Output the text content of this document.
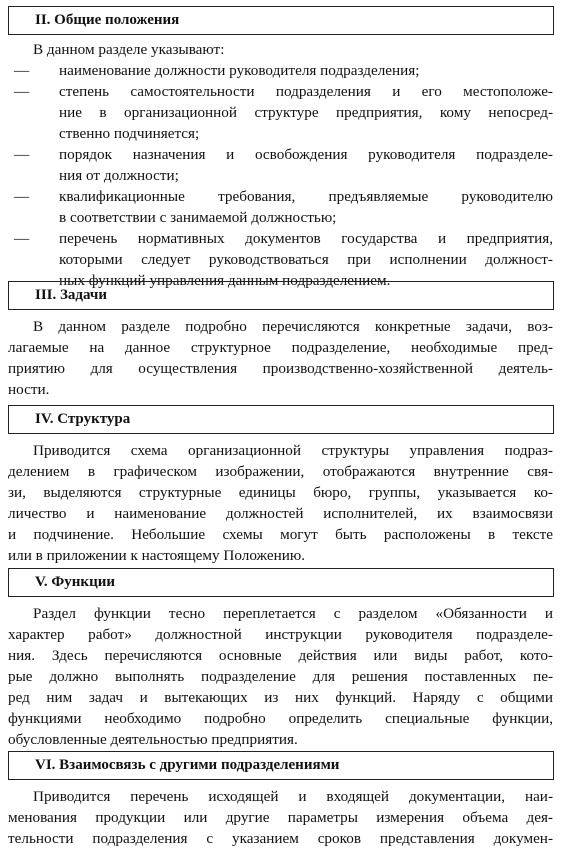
II. Общие положения
В данном разделе указывают:
— наименование должности руководителя подразделения;
— степень самостоятельности подразделения и его местоположе-
ние в организационной структуре предприятия, кому непосред-
ственно подчиняется;
— порядок назначения и освобождения руководителя подразделе-
ния от должности;
— квалификационные требования, предъявляемые руководителю
в соответствии с занимаемой должностью;
— перечень нормативных документов государства и предприятия,
которыми следует руководствоваться при исполнении должност-
ных функций управления данным подразделением.
III. Задачи
В данном разделе подробно перечисляются конкретные задачи, воз-
лагаемые на данное структурное подразделение, необходимые пред-
приятию для осуществления производственно-хозяйственной деятель-
ности.
IV. Структура
Приводится схема организационной структуры управления подраз-
делением в графическом изображении, отображаются внутренние свя-
зи, выделяются структурные единицы бюро, группы, указывается ко-
личество и наименование должностей исполнителей, их взаимосвязи
и подчинение. Небольшие схемы могут быть расположены в тексте
или в приложении к настоящему Положению.
V. Функции
Раздел функции тесно переплетается с разделом «Обязанности и
характер работ» должностной инструкции руководителя подразделе-
ния. Здесь перечисляются основные действия или виды работ, кото-
рые должно выполнять подразделение для решения поставленных пе-
ред ним задач и вытекающих из них функций. Наряду с общими
функциями необходимо подробно определить специальные функции,
обусловленные деятельностью предприятия.
VI. Взаимосвязь с другими подразделениями
Приводится перечень исходящей и входящей документации, наи-
менования продукции или другие параметры измерения объема дея-
тельности подразделения с указанием сроков представления докумен-
